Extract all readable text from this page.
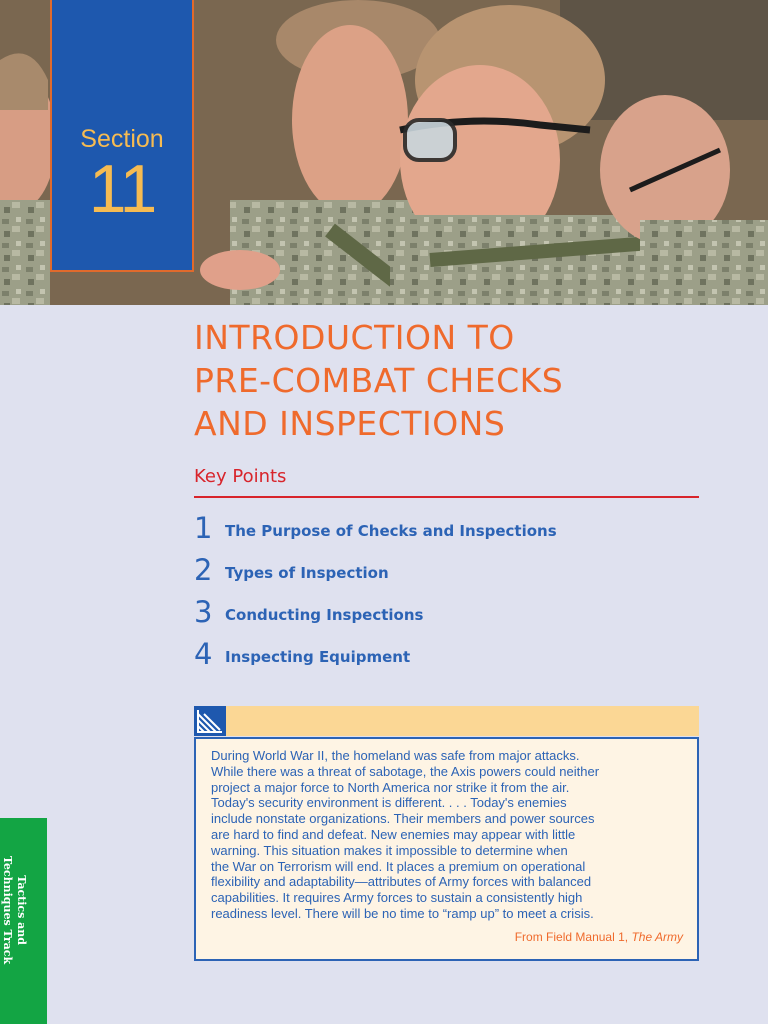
Section
11
INTRODUCTION TO
PRE-COMBAT CHECKS
AND INSPECTIONS
Key Points
1 The Purpose of Checks and Inspections
2 Types of Inspection
3 Conducting Inspections
4 Inspecting Equipment
During World War II, the homeland was safe from major attacks.
While there was a threat of sabotage, the Axis powers could neither
project a major force to North America nor strike it from the air.
Today's security environment is different. . . . Today's enemies
include nonstate organizations. Their members and power sources
are hard to find and defeat. New enemies may appear with little
warning. This situation makes it impossible to determine when
the War on Terrorism will end. It places a premium on operational
flexibility and adaptability—attributes of Army forces with balanced
capabilities. It requires Army forces to sustain a consistently high
readiness level. There will be no time to “ramp up” to meet a crisis.
From Field Manual 1, The Army
Tactics and
Techniques Track
